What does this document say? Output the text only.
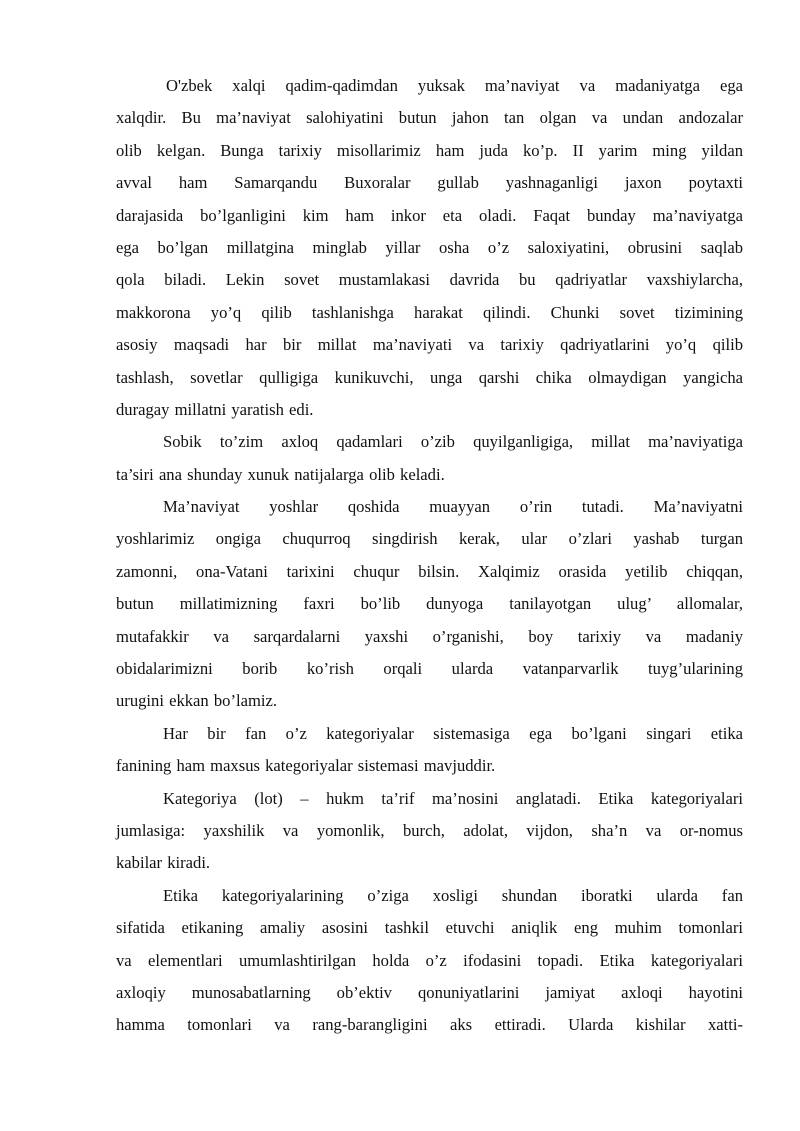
O'zbek xalqi qadim-qadimdan yuksak ma’naviyat va madaniyatga ega
xalqdir. Bu ma’naviyat salohiyatini butun jahon tan olgan va undan andozalar
olib kelgan. Bunga tarixiy misollarimiz ham juda ko’p. II yarim ming yildan
avval ham Samarqandu Buxoralar gullab yashnaganligi jaxon poytaxti
darajasida bo’lganligini kim ham inkor eta oladi. Faqat bunday ma’naviyatga
ega bo’lgan millatgina minglab yillar osha o’z saloxiyatini, obrusini saqlab
qola biladi. Lekin sovet mustamlakasi davrida bu qadriyatlar vaxshiylarcha,
makkorona yo’q qilib tashlanishga harakat qilindi. Chunki sovet tizimining
asosiy maqsadi har bir millat ma’naviyati va tarixiy qadriyatlarini yo’q qilib
tashlash, sovetlar qulligiga kunikuvchi, unga qarshi chika olmaydigan yangicha
duragay millatni yaratish edi.
Sobik to’zim axloq qadamlari o’zib quyilganligiga, millat ma’naviyatiga
ta’siri ana shunday xunuk natijalarga olib keladi.
Ma’naviyat yoshlar qoshida muayyan o’rin tutadi. Ma’naviyatni
yoshlarimiz ongiga chuqurroq singdirish kerak, ular o’zlari yashab turgan
zamonni, ona-Vatani tarixini chuqur bilsin. Xalqimiz orasida yetilib chiqqan,
butun millatimizning faxri bo’lib dunyoga tanilayotgan ulug’ allomalar,
mutafakkir va sarqardalarni yaxshi o’rganishi, boy tarixiy va madaniy
obidalarimizni borib ko’rish orqali ularda vatanparvarlik tuyg’ularining
urugini ekkan bo’lamiz.
Har bir fan o’z kategoriyalar sistemasiga ega bo’lgani singari etika
fanining ham maxsus kategoriyalar sistemasi mavjuddir.
Kategoriya (lot) – hukm ta’rif ma’nosini anglatadi. Etika kategoriyalari
jumlasiga: yaxshilik va yomonlik, burch, adolat, vijdon, sha’n va or-nomus
kabilar kiradi.
Etika kategoriyalarining o’ziga xosligi shundan iboratki ularda fan
sifatida etikaning amaliy asosini tashkil etuvchi aniqlik eng muhim tomonlari
va elementlari umumlashtirilgan holda o’z ifodasini topadi. Etika kategoriyalari
axloqiy munosabatlarning ob’ektiv qonuniyatlarini jamiyat axloqi hayotini
hamma tomonlari va rang-barangligini aks ettiradi. Ularda kishilar xatti-
